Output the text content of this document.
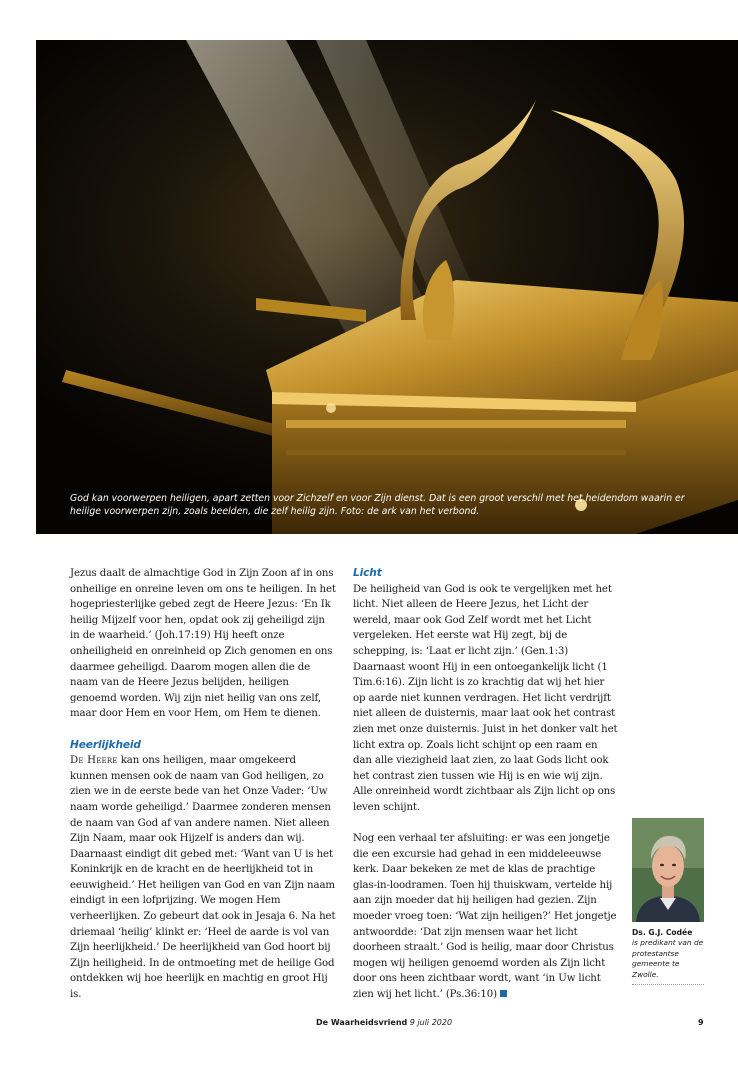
God kan voorwerpen heiligen, apart zetten voor Zichzelf en voor Zijn dienst. Dat is een groot verschil met het heidendom waarin er heilige voorwerpen zijn, zoals beelden, die zelf heilig zijn. Foto: de ark van het verbond.

Jezus daalt de almachtige God in Zijn Zoon af in ons onheilige en onreine leven om ons te heiligen. In het hogepriesterlijke gebed zegt de Heere Jezus: ‘En Ik heilig Mijzelf voor hen, opdat ook zij geheiligd zijn in de waarheid.’ (Joh.17:19) Hij heeft onze onheiligheid en onreinheid op Zich genomen en ons daarmee geheiligd. Daarom mogen allen die de naam van de Heere Jezus belijden, heiligen genoemd worden. Wij zijn niet heilig van ons zelf, maar door Hem en voor Hem, om Hem te dienen.

Heerlijkheid

De Heere kan ons heiligen, maar omgekeerd kunnen mensen ook de naam van God heiligen, zo zien we in de eerste bede van het Onze Vader: ‘Uw naam worde geheiligd.’ Daarmee zonderen mensen de naam van God af van andere namen. Niet alleen Zijn Naam, maar ook Hijzelf is anders dan wij. Daarnaast eindigt dit gebed met: ‘Want van U is het Koninkrijk en de kracht en de heerlijkheid tot in eeuwigheid.’ Het heiligen van God en van Zijn naam eindigt in een lofprijzing. We mogen Hem verheerlijken. Zo gebeurt dat ook in Jesaja 6. Na het driemaal ‘heilig’ klinkt er: ‘Heel de aarde is vol van Zijn heerlijkheid.’ De heerlijkheid van God hoort bij Zijn heiligheid. In de ontmoeting met de heilige God ontdekken wij hoe heerlijk en machtig en groot Hij is.

Licht

De heiligheid van God is ook te vergelijken met het licht. Niet alleen de Heere Jezus, het Licht der wereld, maar ook God Zelf wordt met het Licht vergeleken. Het eerste wat Hij zegt, bij de schepping, is: ‘Laat er licht zijn.’ (Gen.1:3) Daarnaast woont Hij in een ontoegankelijk licht (1 Tim.6:16). Zijn licht is zo krachtig dat wij het hier op aarde niet kunnen verdragen. Het licht verdrijft niet alleen de duisternis, maar laat ook het contrast zien met onze duisternis. Juist in het donker valt het licht extra op. Zoals licht schijnt op een raam en dan alle viezigheid laat zien, zo laat Gods licht ook het contrast zien tussen wie Hij is en wie wij zijn. Alle onreinheid wordt zichtbaar als Zijn licht op ons leven schijnt.

Nog een verhaal ter afsluiting: er was een jongetje die een excursie had gehad in een middeleeuwse kerk. Daar bekeken ze met de klas de prachtige glas-in-loodramen. Toen hij thuiskwam, vertelde hij aan zijn moeder dat hij heiligen had gezien. Zijn moeder vroeg toen: ‘Wat zijn heiligen?’ Het jongetje antwoordde: ‘Dat zijn mensen waar het licht doorheen straalt.’ God is heilig, maar door Christus mogen wij heiligen genoemd worden als Zijn licht door ons heen zichtbaar wordt, want ‘in Uw licht zien wij het licht.’ (Ps.36:10)

Ds. G.J. Codée

is predikant van de protestantse gemeente te Zwolle.

De Waarheidsvriend 9 juli 2020	9
